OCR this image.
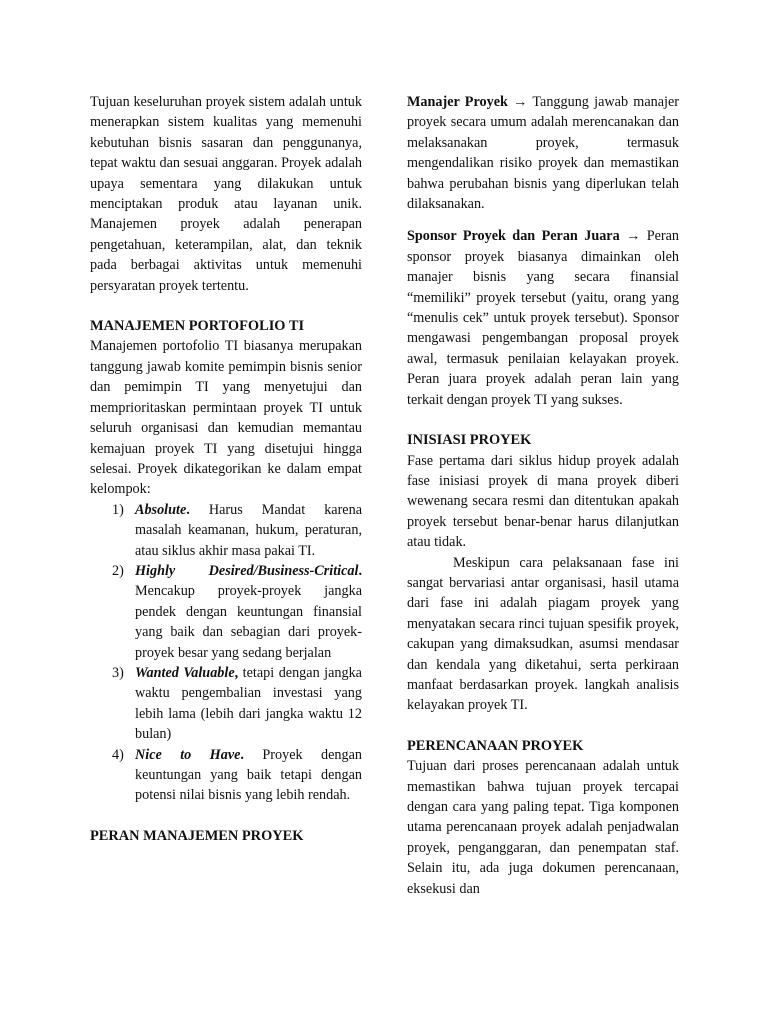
Tujuan keseluruhan proyek sistem adalah untuk menerapkan sistem kualitas yang memenuhi kebutuhan bisnis sasaran dan penggunanya, tepat waktu dan sesuai anggaran. Proyek adalah upaya sementara yang dilakukan untuk menciptakan produk atau layanan unik. Manajemen proyek adalah penerapan pengetahuan, keterampilan, alat, dan teknik pada berbagai aktivitas untuk memenuhi persyaratan proyek tertentu.

MANAJEMEN PORTOFOLIO TI

Manajemen portofolio TI biasanya merupakan tanggung jawab komite pemimpin bisnis senior dan pemimpin TI yang menyetujui dan memprioritaskan permintaan proyek TI untuk seluruh organisasi dan kemudian memantau kemajuan proyek TI yang disetujui hingga selesai. Proyek dikategorikan ke dalam empat kelompok:

1) Absolute. Harus Mandat karena masalah keamanan, hukum, peraturan, atau siklus akhir masa pakai TI.
2) Highly Desired/Business-Critical. Mencakup proyek-proyek jangka pendek dengan keuntungan finansial yang baik dan sebagian dari proyek-proyek besar yang sedang berjalan
3) Wanted Valuable, tetapi dengan jangka waktu pengembalian investasi yang lebih lama (lebih dari jangka waktu 12 bulan)
4) Nice to Have. Proyek dengan keuntungan yang baik tetapi dengan potensi nilai bisnis yang lebih rendah.
PERAN MANAJEMEN PROYEK

Manajer Proyek → Tanggung jawab manajer proyek secara umum adalah merencanakan dan melaksanakan proyek, termasuk mengendalikan risiko proyek dan memastikan bahwa perubahan bisnis yang diperlukan telah dilaksanakan.

Sponsor Proyek dan Peran Juara → Peran sponsor proyek biasanya dimainkan oleh manajer bisnis yang secara finansial “memiliki” proyek tersebut (yaitu, orang yang “menulis cek” untuk proyek tersebut). Sponsor mengawasi pengembangan proposal proyek awal, termasuk penilaian kelayakan proyek. Peran juara proyek adalah peran lain yang terkait dengan proyek TI yang sukses.

INISIASI PROYEK

Fase pertama dari siklus hidup proyek adalah fase inisiasi proyek di mana proyek diberi wewenang secara resmi dan ditentukan apakah proyek tersebut benar-benar harus dilanjutkan atau tidak.

Meskipun cara pelaksanaan fase ini sangat bervariasi antar organisasi, hasil utama dari fase ini adalah piagam proyek yang menyatakan secara rinci tujuan spesifik proyek, cakupan yang dimaksudkan, asumsi mendasar dan kendala yang diketahui, serta perkiraan manfaat berdasarkan proyek. langkah analisis kelayakan proyek TI.

PERENCANAAN PROYEK

Tujuan dari proses perencanaan adalah untuk memastikan bahwa tujuan proyek tercapai dengan cara yang paling tepat. Tiga komponen utama perencanaan proyek adalah penjadwalan proyek, penganggaran, dan penempatan staf. Selain itu, ada juga dokumen perencanaan, eksekusi dan
